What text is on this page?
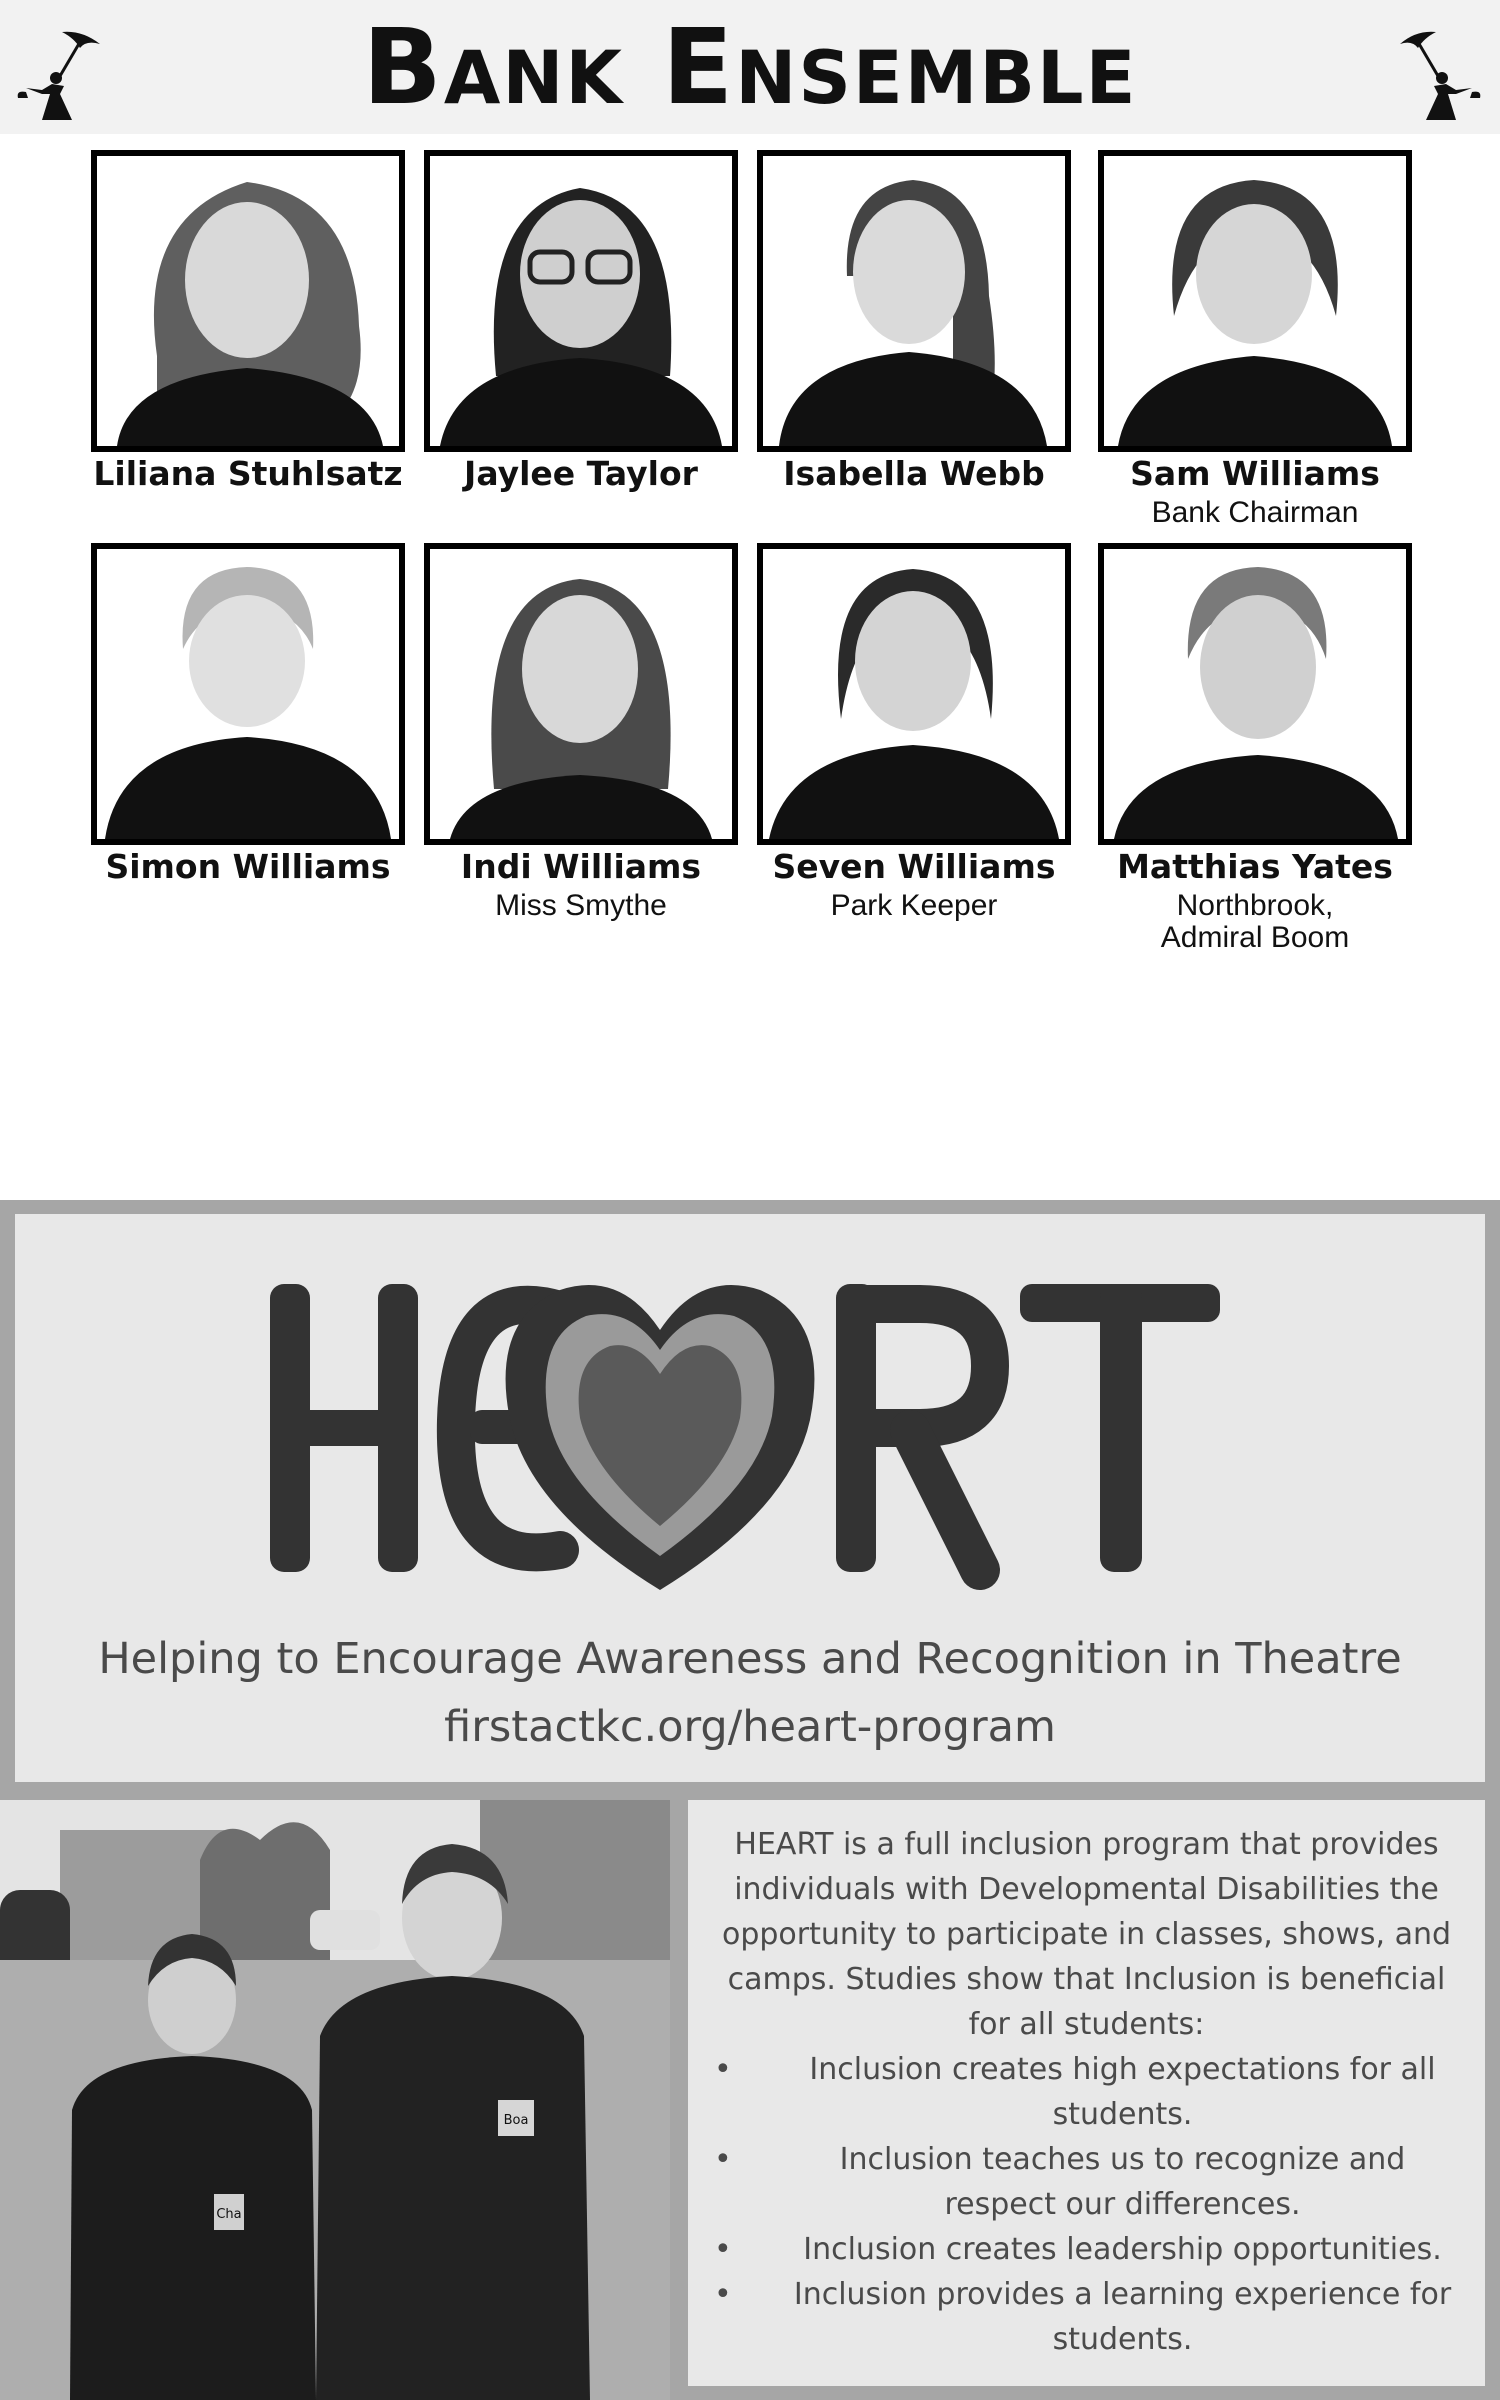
Bank Ensemble
Liliana Stuhlsatz	Jaylee Taylor	Isabella Webb	Sam Williams
Bank Chairman
Simon Williams	Indi Williams
Miss Smythe
Seven Williams
Park Keeper
Matthias Yates
Northbrook,
Admiral Boom
Helping to Encourage Awareness and Recognition in Theatre
firstactkc.org/heart-program
Cha
Boa
HEART is a full inclusion program that provides individuals with Developmental Disabilities the opportunity to participate in classes, shows, and camps. Studies show that Inclusion is beneficial for all students:
•	Inclusion creates high expectations for all students.
•	Inclusion teaches us to recognize and respect our differences.
• Inclusion creates leadership opportunities.
• Inclusion provides a learning experience for students.
